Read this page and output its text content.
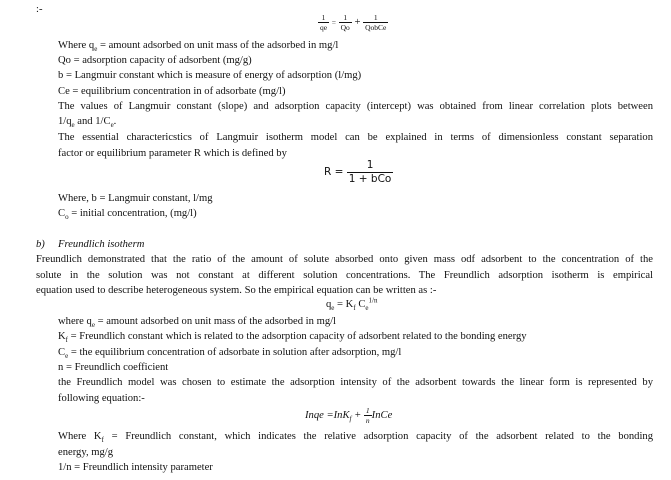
:-
$\frac{1}{qe} = \frac{1}{Qo} + \frac{1}{\text{QobCe}}$
Where $q_e$ = amount adsorbed on unit mass of the adsorbed in mg/l
Qo = adsorption capacity of adsorbent (mg/g)
b = Langmuir constant which is measure of energy of adsorption (l/mg)
Ce = equilibrium concentration in of adsorbate (mg/l)
The values of Langmuir constant (slope) and adsorption capacity (intercept) was obtained from linear correlation plots between
$1/q_e$ and $1/C_e$.
The essential charactericstics of Langmuir isotherm model can be explained in terms of dimensionless constant separation
factor or equilibrium parameter R which is defined by
$R = \frac{1}{\text{1 + bCo}}$
Where, b = Langmuir constant, l/mg
$C_o$ = initial concentration, (mg/l)
b) Freundlich isotherm
Freundlich demonstrated that the ratio of the amount of solute absorbed onto given mass odf adsorbent to the concentration of the
solute in the solution was not constant at different solution concentrations. The Freundlich adsorption isotherm is empirical
equation used to describe heterogeneous system. So the empirical equation can be written as :-
$q_e = K_f$ $C_e^{1/n}$
where $q_e$ = amount adsorbed on unit mass of the adsorbed in mg/l
$K_f$ = Freundlich constant which is related to the adsorption capacity of adsorbent related to the bonding energy
$C_e$ = the equilibrium concentration of adsorbate in solution after adsorption, mg/l
n = Freundlich coefficient
the Freundlich model was chosen to estimate the adsorption intensity of the adsorbent towards the linear form is represented by
following equation:-
Inqe $=InK_f + \frac{1}{n}$ InCe
Where $K_f$ = Freundlich constant, which indicates the relative adsorption capacity of the adsorbent related to the bonding
energy, mg/g
1/n = Freundlich intensity parameter
